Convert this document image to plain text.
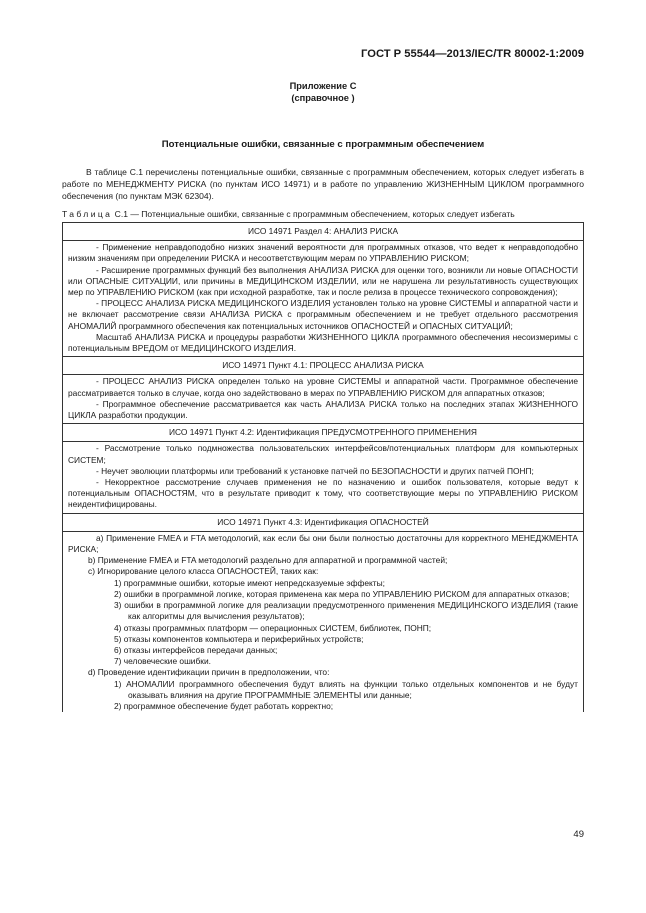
ГОСТ Р 55544—2013/IEC/TR 80002-1:2009
Приложение С
(справочное )
Потенциальные ошибки, связанные с программным обеспечением

В таблице С.1 перечислены потенциальные ошибки, связанные с программным обеспечением, которых следует избегать в работе по МЕНЕДЖМЕНТУ РИСКА (по пунктам ИСО 14971) и в работе по управлению ЖИЗНЕННЫМ ЦИКЛОМ программного обеспечения (по пунктам МЭК 62304).

Таблица С.1 — Потенциальные ошибки, связанные с программным обеспечением, которых следует избегать
ИСО 14971 Раздел 4: АНАЛИЗ РИСКА

- Применение неправдоподобно низких значений вероятности для программных отказов, что ведет к неправдоподобно низким значениям при определении РИСКА и несоответствующим мерам по УПРАВЛЕНИЮ РИСКОМ;

- Расширение программных функций без выполнения АНАЛИЗА РИСКА для оценки того, возникли ли новые ОПАСНОСТИ или ОПАСНЫЕ СИТУАЦИИ, или причины в МЕДИЦИНСКОМ ИЗДЕЛИИ, или не нарушена ли результативность существующих мер по УПРАВЛЕНИЮ РИСКОМ (как при исходной разработке, так и после релиза в процессе технического сопровождения);

- ПРОЦЕСС АНАЛИЗА РИСКА МЕДИЦИНСКОГО ИЗДЕЛИЯ установлен только на уровне СИСТЕМЫ и аппаратной части и не включает рассмотрение связи АНАЛИЗА РИСКА с программным обеспечением и не требует отдельного рассмотрения АНОМАЛИЙ программного обеспечения как потенциальных источников ОПАСНОСТЕЙ и ОПАСНЫХ СИТУАЦИЙ;

Масштаб АНАЛИЗА РИСКА и процедуры разработки ЖИЗНЕННОГО ЦИКЛА программного обеспечения несоизмеримы с потенциальным ВРЕДОМ от МЕДИЦИНСКОГО ИЗДЕЛИЯ.

ИСО 14971 Пункт 4.1: ПРОЦЕСС АНАЛИЗА РИСКА

- ПРОЦЕСС АНАЛИЗ РИСКА определен только на уровне СИСТЕМЫ и аппаратной части. Программное обеспечение рассматривается только в случае, когда оно задействовано в мерах по УПРАВЛЕНИЮ РИСКОМ для аппаратных отказов;

- Программное обеспечение рассматривается как часть АНАЛИЗА РИСКА только на последних этапах ЖИЗНЕННОГО ЦИКЛА разработки продукции.

ИСО 14971 Пункт 4.2: Идентификация ПРЕДУСМОТРЕННОГО ПРИМЕНЕНИЯ

- Рассмотрение только подмножества пользовательских интерфейсов/потенциальных платформ для компьютерных СИСТЕМ;

- Неучет эволюции платформы или требований к установке патчей по БЕЗОПАСНОСТИ и других патчей ПОНП;

- Некорректное рассмотрение случаев применения не по назначению и ошибок пользователя, которые ведут к потенциальным ОПАСНОСТЯМ, что в результате приводит к тому, что соответствующие меры по УПРАВЛЕНИЮ РИСКОМ неидентифицированы.

ИСО 14971 Пункт 4.3: Идентификация ОПАСНОСТЕЙ

а) Применение FMEA и FTA методологий, как если бы они были полностью достаточны для корректного МЕНЕДЖМЕНТА РИСКА;

b) Применение FMEA и FTA методологий раздельно для аппаратной и программной частей;

c) Игнорирование целого класса ОПАСНОСТЕЙ, таких как:

1) программные ошибки, которые имеют непредсказуемые эффекты;

2) ошибки в программной логике, которая применена как мера по УПРАВЛЕНИЮ РИСКОМ для аппаратных отказов;

3) ошибки в программной логике для реализации предусмотренного применения МЕДИЦИНСКОГО ИЗДЕЛИЯ (такие как алгоритмы для вычисления результатов);

4) отказы программных платформ — операционных СИСТЕМ, библиотек, ПОНП;

5) отказы компонентов компьютера и периферийных устройств;

6) отказы интерфейсов передачи данных;

7) человеческие ошибки.

d) Проведение идентификации причин в предположении, что:

1) АНОМАЛИИ программного обеспечения будут влиять на функции только отдельных компонентов и не будут оказывать влияния на другие ПРОГРАММНЫЕ ЭЛЕМЕНТЫ или данные;

2) программное обеспечение будет работать корректно;

49
